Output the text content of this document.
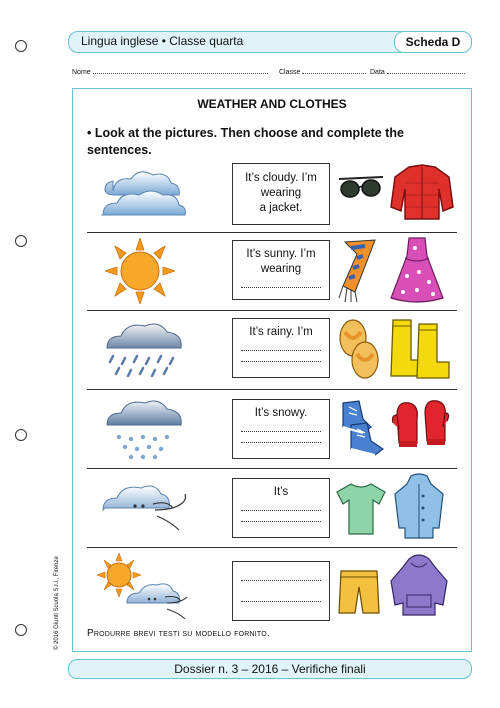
Lingua inglese • Classe quarta	Scheda D
Nome	Classe	Data
WEATHER AND CLOTHES
• Look at the pictures. Then choose and complete the sentences.
It’s cloudy. I’m
wearing
a jacket.
It’s sunny. I’m
wearing
It’s rainy. I’m
It’s snowy.
It’s
Produrre brevi testi su modello fornito.
© 2016 Giunti Scuola S.r.l., Firenze
Dossier n. 3 – 2016 – Verifiche finali
